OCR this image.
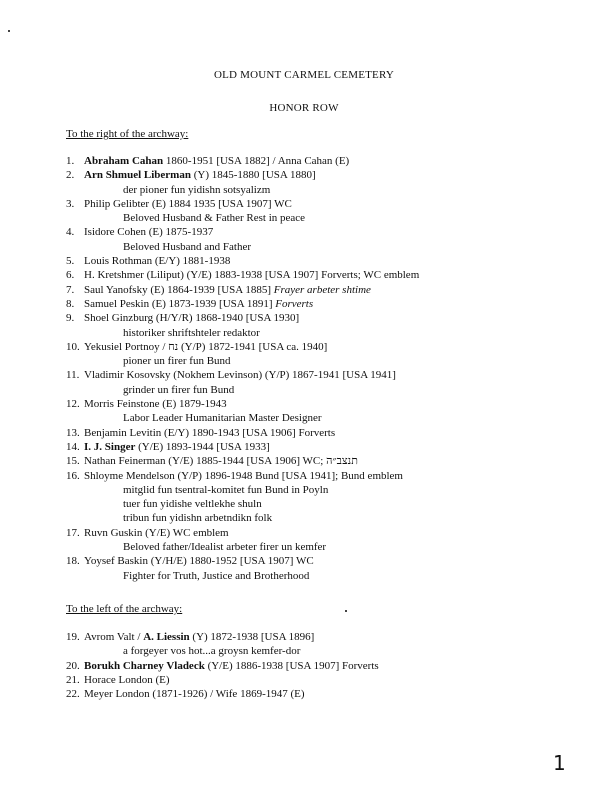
OLD MOUNT CARMEL CEMETERY
HONOR ROW
To the right of the archway:
1. Abraham Cahan 1860-1951 [USA 1882] / Anna Cahan (E)
2. Arn Shmuel Liberman (Y) 1845-1880 [USA 1880]
der pioner fun yidishn sotsyalizm
3. Philip Gelibter (E) 1884 1935 [USA 1907] WC
Beloved Husband & Father Rest in peace
4. Isidore Cohen (E) 1875-1937
Beloved Husband and Father
5. Louis Rothman (E/Y) 1881-1938
6. H. Kretshmer (Liliput) (Y/E) 1883-1938 [USA 1907] Forverts; WC emblem
7. Saul Yanofsky (E) 1864-1939 [USA 1885] Frayer arbeter shtime
8. Samuel Peskin (E) 1873-1939 [USA 1891] Forverts
9. Shoel Ginzburg (H/Y/R) 1868-1940 [USA 1930]
historiker shriftshteler redaktor
10. Yekusiel Portnoy / נח (Y/P) 1872-1941 [USA ca. 1940]
pioner un firer fun Bund
11. Vladimir Kosovsky (Nokhem Levinson) (Y/P) 1867-1941 [USA 1941]
grinder un firer fun Bund
12. Morris Feinstone (E) 1879-1943
Labor Leader Humanitarian Master Designer
13. Benjamin Levitin (E/Y) 1890-1943 [USA 1906] Forverts
14. I. J. Singer (Y/E) 1893-1944 [USA 1933]
15. Nathan Feinerman (Y/E) 1885-1944 [USA 1906] WC; תנצב״ה
16. Shloyme Mendelson (Y/P) 1896-1948 Bund [USA 1941]; Bund emblem
mitglid fun tsentral-komitet fun Bund in Poyln
tuer fun yidishe veltlekhe shuln
tribun fun yidishn arbetndikn folk
17. Ruvn Guskin (Y/E) WC emblem
Beloved father/Idealist arbeter firer un kemfer
18. Yoysef Baskin (Y/H/E) 1880-1952 [USA 1907] WC
Fighter for Truth, Justice and Brotherhood
To the left of the archway:
19. Avrom Valt / A. Liessin (Y) 1872-1938 [USA 1896]
a forgeyer vos hot...a groysn kemfer-dor
20. Borukh Charney Vladeck (Y/E) 1886-1938 [USA 1907] Forverts
21. Horace London (E)
22. Meyer London (1871-1926) / Wife 1869-1947 (E)
1
